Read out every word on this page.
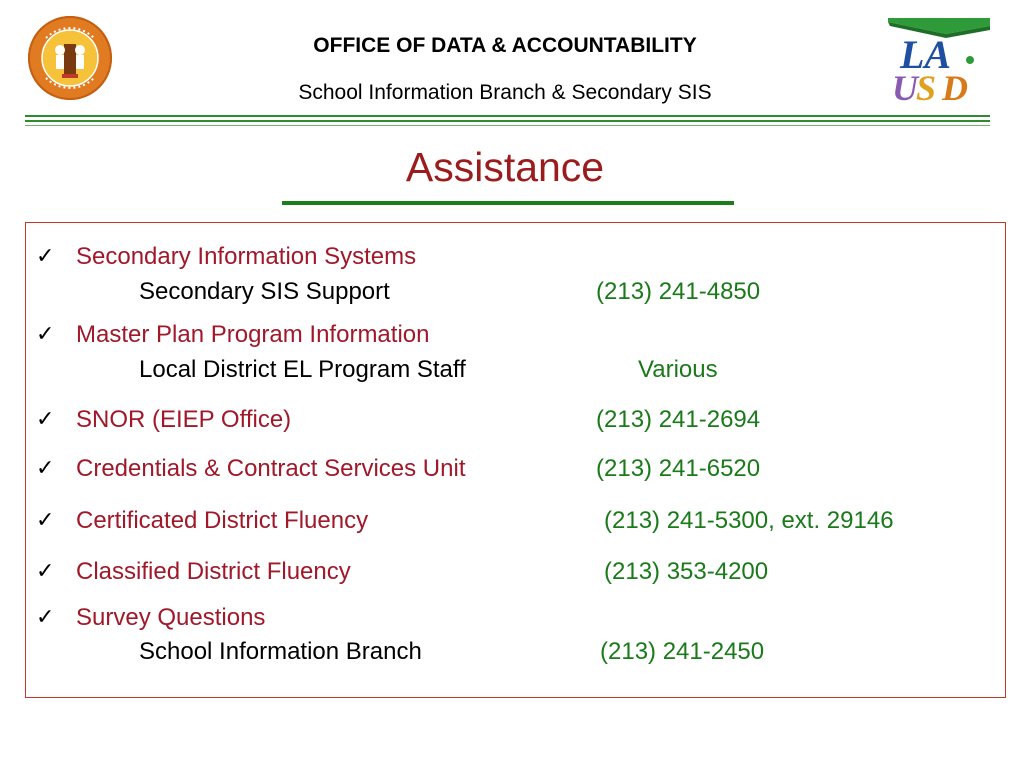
OFFICE OF DATA & ACCOUNTABILITY
School Information Branch & Secondary SIS
LA
U
S D
Assistance
✓ Secondary Information Systems
Secondary SIS Support	(213) 241-4850
✓ Master Plan Program Information
Local District EL Program Staff	Various
✓ SNOR (EIEP Office)	(213) 241-2694
✓ Credentials & Contract Services Unit	(213) 241-6520
✓ Certificated District Fluency	(213) 241-5300, ext. 29146
✓ Classified District Fluency	(213) 353-4200
✓ Survey Questions
School Information Branch	(213) 241-2450
